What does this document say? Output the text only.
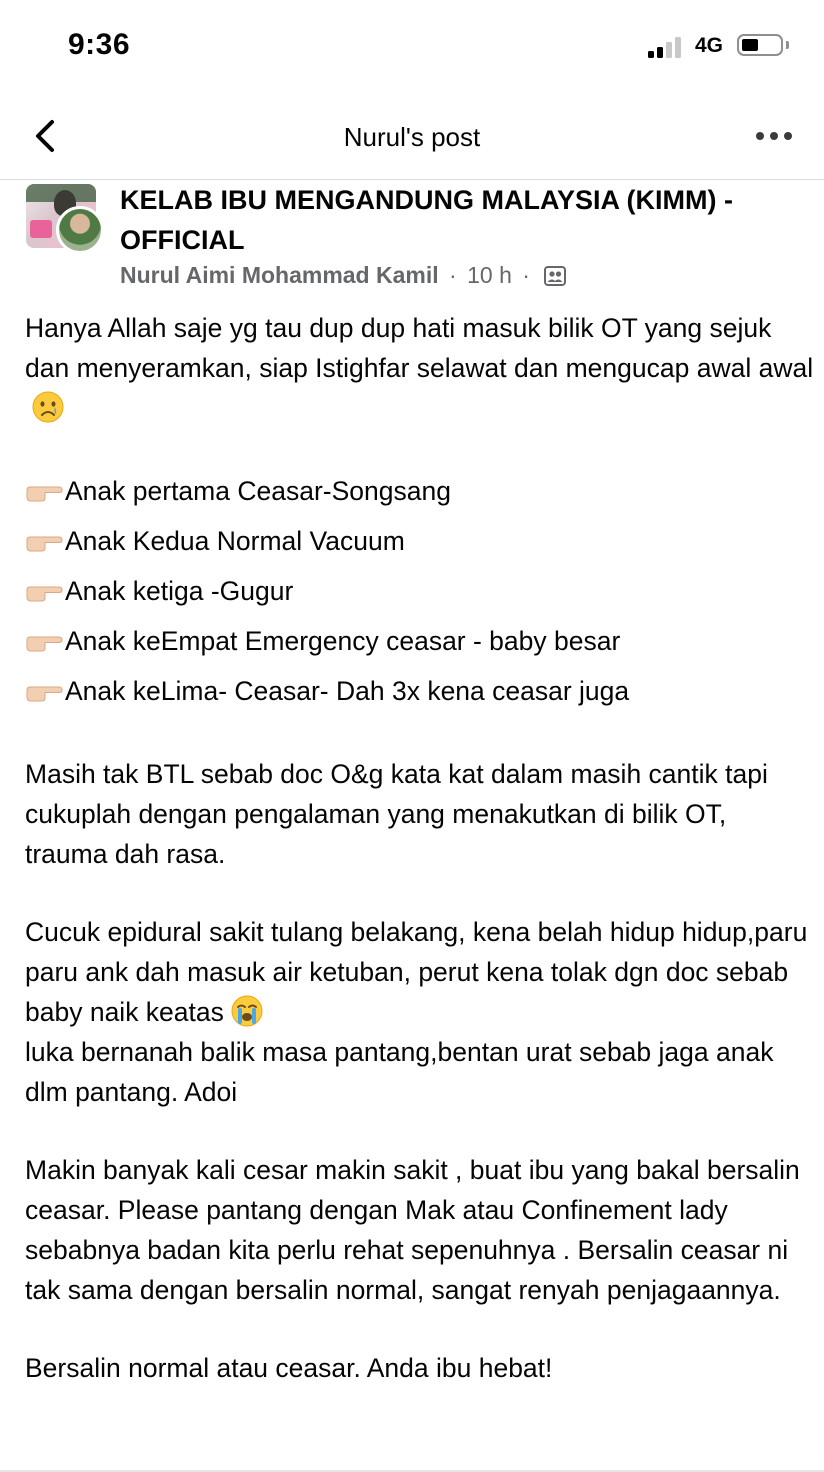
9:36	4G
Nurul's post
KELAB IBU MENGANDUNG MALAYSIA (KIMM) - OFFICIAL
Nurul Aimi Mohammad Kamil · 10 h ·

Hanya Allah saje yg tau dup dup hati masuk bilik OT yang sejuk dan menyeramkan, siap Istighfar selawat dan mengucap awal awal

Anak pertama Ceasar-Songsang
Anak Kedua Normal Vacuum
Anak ketiga -Gugur
Anak keEmpat Emergency ceasar - baby besar
Anak keLima- Ceasar- Dah 3x kena ceasar juga

Masih tak BTL sebab doc O&g kata kat dalam masih cantik tapi cukuplah dengan pengalaman yang menakutkan di bilik OT, trauma dah rasa.

Cucuk epidural sakit tulang belakang, kena belah hidup hidup,paru paru ank dah masuk air ketuban, perut kena tolak dgn doc sebab baby naik keatas

luka bernanah balik masa pantang,bentan urat sebab jaga anak dlm pantang. Adoi

Makin banyak kali cesar makin sakit , buat ibu yang bakal bersalin ceasar. Please pantang dengan Mak atau Confinement lady sebabnya badan kita perlu rehat sepenuhnya . Bersalin ceasar ni tak sama dengan bersalin normal, sangat renyah penjagaannya.

Bersalin normal atau ceasar. Anda ibu hebat!
